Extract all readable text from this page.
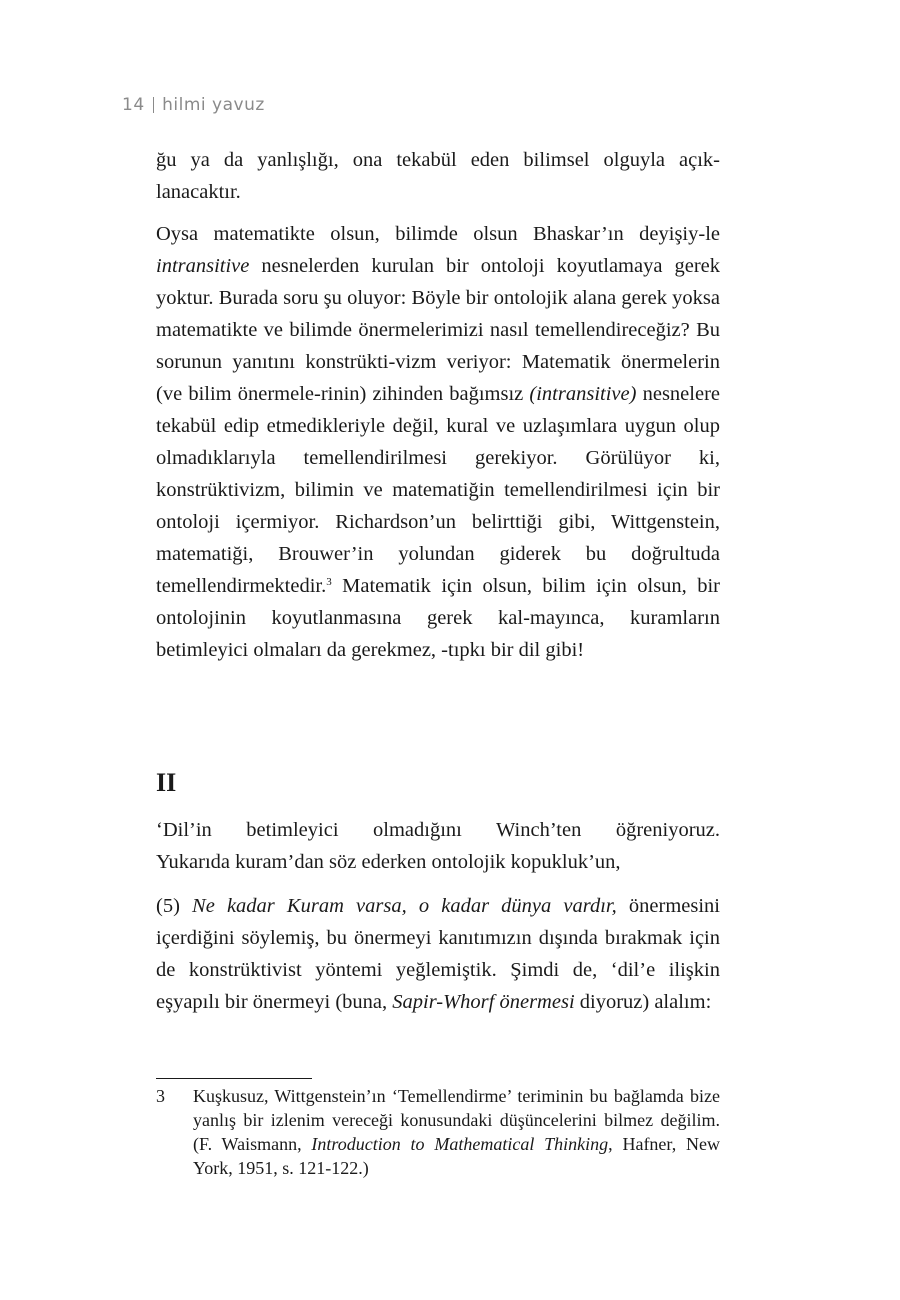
14 hilmi yavuz

ğu ya da yanlışlığı, ona tekabül eden bilimsel olguyla açık-
lanacaktır.

Oysa matematikte olsun, bilimde olsun Bhaskar’ın deyişiy-le intransitive nesnelerden kurulan bir ontoloji koyutlamaya gerek yoktur. Burada soru şu oluyor: Böyle bir ontolojik alana gerek yoksa matematikte ve bilimde önermelerimizi nasıl temellendireceğiz? Bu sorunun yanıtını konstrükti-vizm veriyor: Matematik önermelerin (ve bilim önermele-rinin) zihinden bağımsız (intransitive) nesnelere tekabül edip etmedikleriyle değil, kural ve uzlaşımlara uygun olup olmadıklarıyla temellendirilmesi gerekiyor. Görülüyor ki, konstrüktivizm, bilimin ve matematiğin temellendirilmesi için bir ontoloji içermiyor. Richardson’un belirttiği gibi, Wittgenstein, matematiği, Brouwer’in yolundan giderek bu doğrultuda temellendirmektedir.$^3$ Matematik için olsun, bilim için olsun, bir ontolojinin koyutlanmasına gerek kal-mayınca, kuramların betimleyici olmaları da gerekmez, -tıpkı bir dil gibi!

II

‘Dil’in betimleyici olmadığını Winch’ten öğreniyoruz.
Yukarıda kuram’dan söz ederken ontolojik kopukluk’un,

(5) Ne kadar Kuram varsa, o kadar dünya vardır, önermesini içerdiğini söylemiş, bu önermeyi kanıtımızın dışında bırakmak için de konstrüktivist yöntemi yeğlemiştik. Şimdi de, ‘dil’e ilişkin eşyapılı bir önermeyi (buna, Sapir-Whorf önermesi diyoruz) alalım:

3	Kuşkusuz, Wittgenstein’ın ‘Temellendirme’ teriminin bu bağlamda bize yanlış bir izlenim vereceği konusundaki düşüncelerini bilmez değilim. (F. Waismann, Introduction to Mathematical Thinking, Hafner, New York, 1951, s. 121-122.)
